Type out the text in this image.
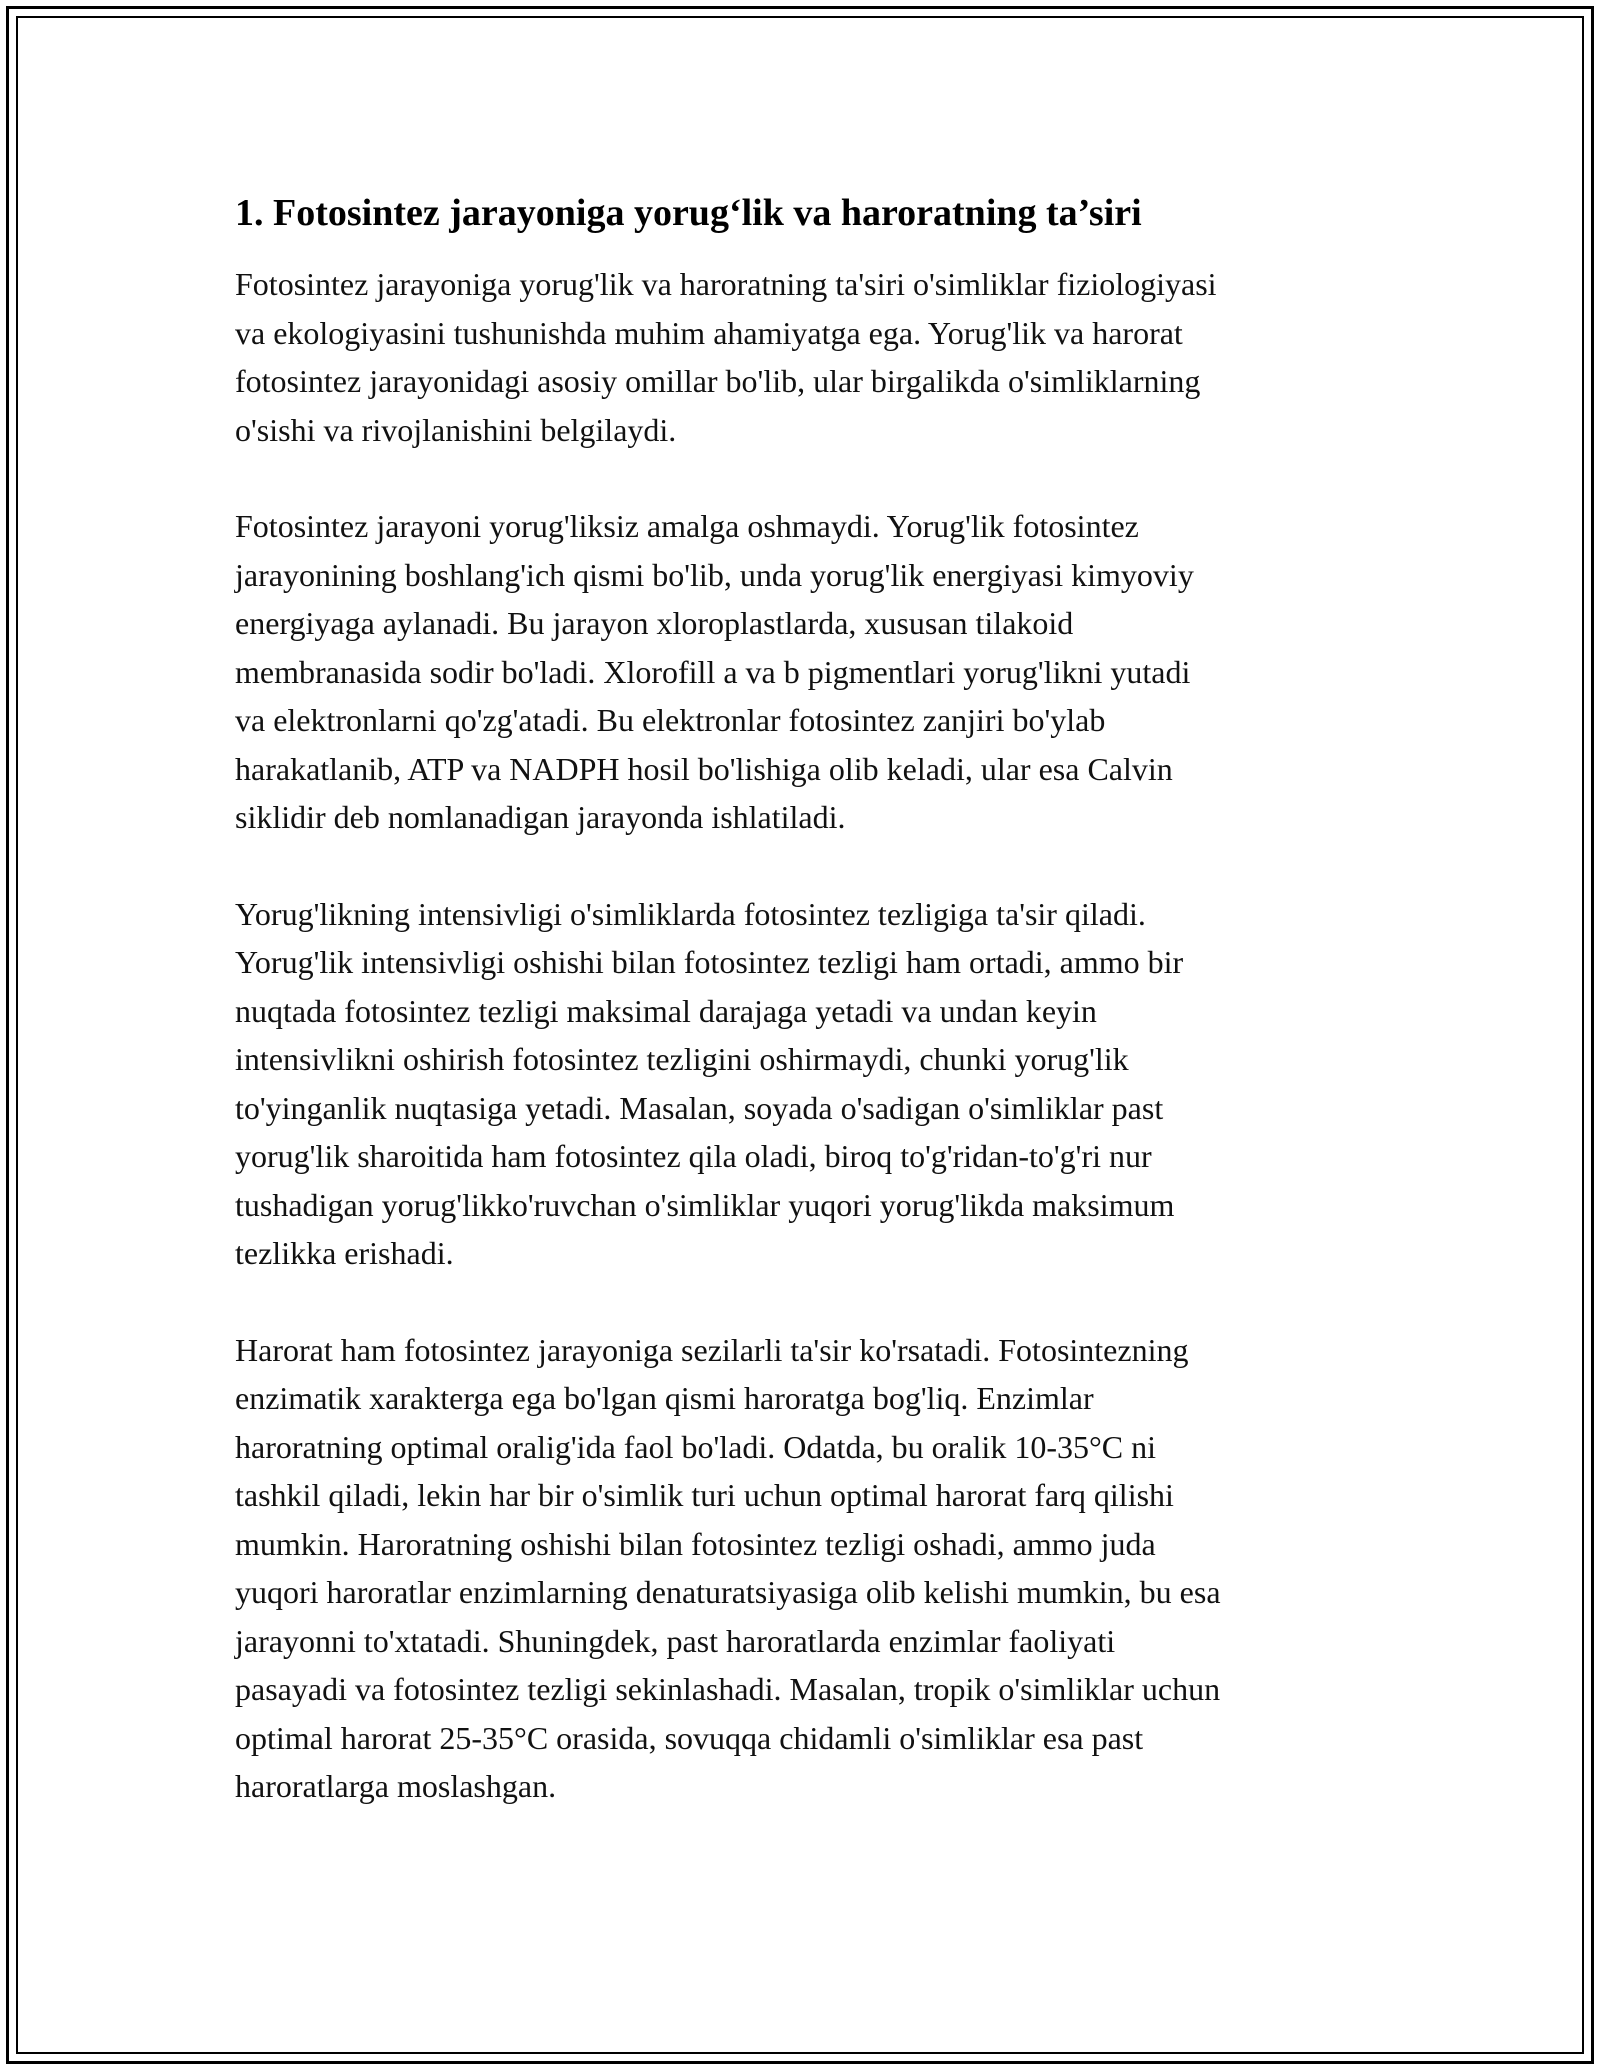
1. Fotosintez jarayoniga yorug‘lik va haroratning ta’siri

Fotosintez jarayoniga yorug'lik va haroratning ta'siri o'simliklar fiziologiyasi
va ekologiyasini tushunishda muhim ahamiyatga ega. Yorug'lik va harorat
fotosintez jarayonidagi asosiy omillar bo'lib, ular birgalikda o'simliklarning
o'sishi va rivojlanishini belgilaydi.

Fotosintez jarayoni yorug'liksiz amalga oshmaydi. Yorug'lik fotosintez
jarayonining boshlang'ich qismi bo'lib, unda yorug'lik energiyasi kimyoviy
energiyaga aylanadi. Bu jarayon xloroplastlarda, xususan tilakoid
membranasida sodir bo'ladi. Xlorofill a va b pigmentlari yorug'likni yutadi
va elektronlarni qo'zg'atadi. Bu elektronlar fotosintez zanjiri bo'ylab
harakatlanib, ATP va NADPH hosil bo'lishiga olib keladi, ular esa Calvin
siklidir deb nomlanadigan jarayonda ishlatiladi.

Yorug'likning intensivligi o'simliklarda fotosintez tezligiga ta'sir qiladi.
Yorug'lik intensivligi oshishi bilan fotosintez tezligi ham ortadi, ammo bir
nuqtada fotosintez tezligi maksimal darajaga yetadi va undan keyin
intensivlikni oshirish fotosintez tezligini oshirmaydi, chunki yorug'lik
to'yinganlik nuqtasiga yetadi. Masalan, soyada o'sadigan o'simliklar past
yorug'lik sharoitida ham fotosintez qila oladi, biroq to'g'ridan-to'g'ri nur
tushadigan yorug'likko'ruvchan o'simliklar yuqori yorug'likda maksimum
tezlikka erishadi.

Harorat ham fotosintez jarayoniga sezilarli ta'sir ko'rsatadi. Fotosintezning
enzimatik xarakterga ega bo'lgan qismi haroratga bog'liq. Enzimlar
haroratning optimal oralig'ida faol bo'ladi. Odatda, bu oralik 10-35°C ni
tashkil qiladi, lekin har bir o'simlik turi uchun optimal harorat farq qilishi
mumkin. Haroratning oshishi bilan fotosintez tezligi oshadi, ammo juda
yuqori haroratlar enzimlarning denaturatsiyasiga olib kelishi mumkin, bu esa
jarayonni to'xtatadi. Shuningdek, past haroratlarda enzimlar faoliyati
pasayadi va fotosintez tezligi sekinlashadi. Masalan, tropik o'simliklar uchun
optimal harorat 25-35°C orasida, sovuqqa chidamli o'simliklar esa past
haroratlarga moslashgan.
